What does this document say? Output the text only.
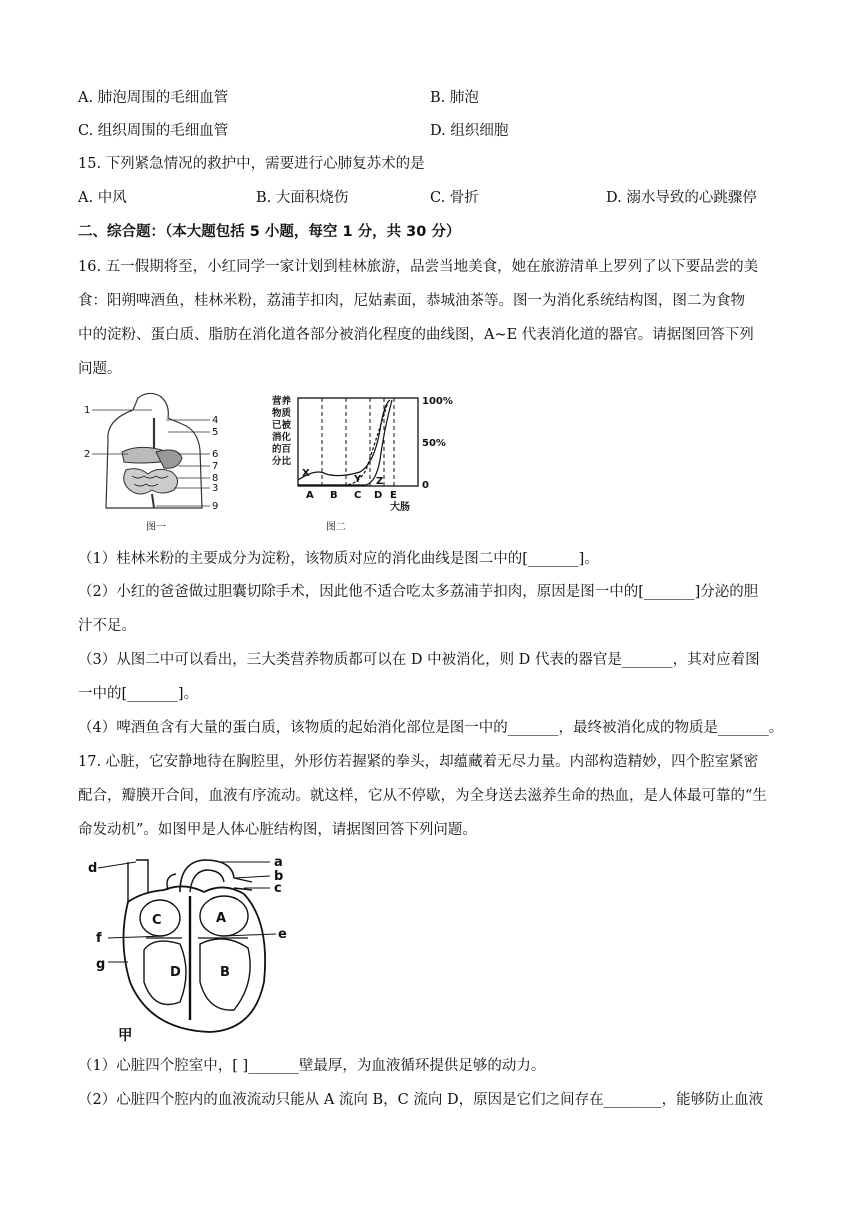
A. 肺泡周围的毛细血管	B. 肺泡
C. 组织周围的毛细血管	D. 组织细胞
15. 下列紧急情况的救护中，需要进行心肺复苏术的是
A. 中风	B. 大面积烧伤	C. 骨折	D. 溺水导致的心跳骤停
二、综合题：（本大题包括 5 小题，每空 1 分，共 30 分）
16. 五一假期将至，小红同学一家计划到桂林旅游，品尝当地美食，她在旅游清单上罗列了以下要品尝的美
食：阳朔啤酒鱼，桂林米粉，荔浦芋扣肉，尼姑素面，恭城油茶等。图一为消化系统结构图，图二为食物
中的淀粉、蛋白质、脂肪在消化道各部分被消化程度的曲线图，A~E 代表消化道的器官。请据图回答下列
问题。
1
2
4
5
6
7
8
3
9
图一
营养
物质
已被
消化
的百
分比
X
Y Z
100%
50%
0
A B C D E
大肠
图二
（1）桂林米粉的主要成分为淀粉，该物质对应的消化曲线是图二中的[_______]。
（2）小红的爸爸做过胆囊切除手术，因此他不适合吃太多荔浦芋扣肉，原因是图一中的[_______]分泌的胆
汁不足。
（3）从图二中可以看出，三大类营养物质都可以在 D 中被消化，则 D 代表的器官是_______，其对应着图
一中的[_______]。
（4）啤酒鱼含有大量的蛋白质，该物质的起始消化部位是图一中的_______，最终被消化成的物质是_______。
17. 心脏，它安静地待在胸腔里，外形仿若握紧的拳头，却蕴藏着无尽力量。内部构造精妙，四个腔室紧密
配合，瓣膜开合间，血液有序流动。就这样，它从不停歇，为全身送去滋养生命的热血，是人体最可靠的“生
命发动机”。如图甲是人体心脏结构图，请据图回答下列问题。
d	a
b
c
C	A
f	e
g
D	B
甲
（1）心脏四个腔室中，[ ]_______壁最厚，为血液循环提供足够的动力。
（2）心脏四个腔内的血液流动只能从 A 流向 B，C 流向 D，原因是它们之间存在________，能够防止血液
